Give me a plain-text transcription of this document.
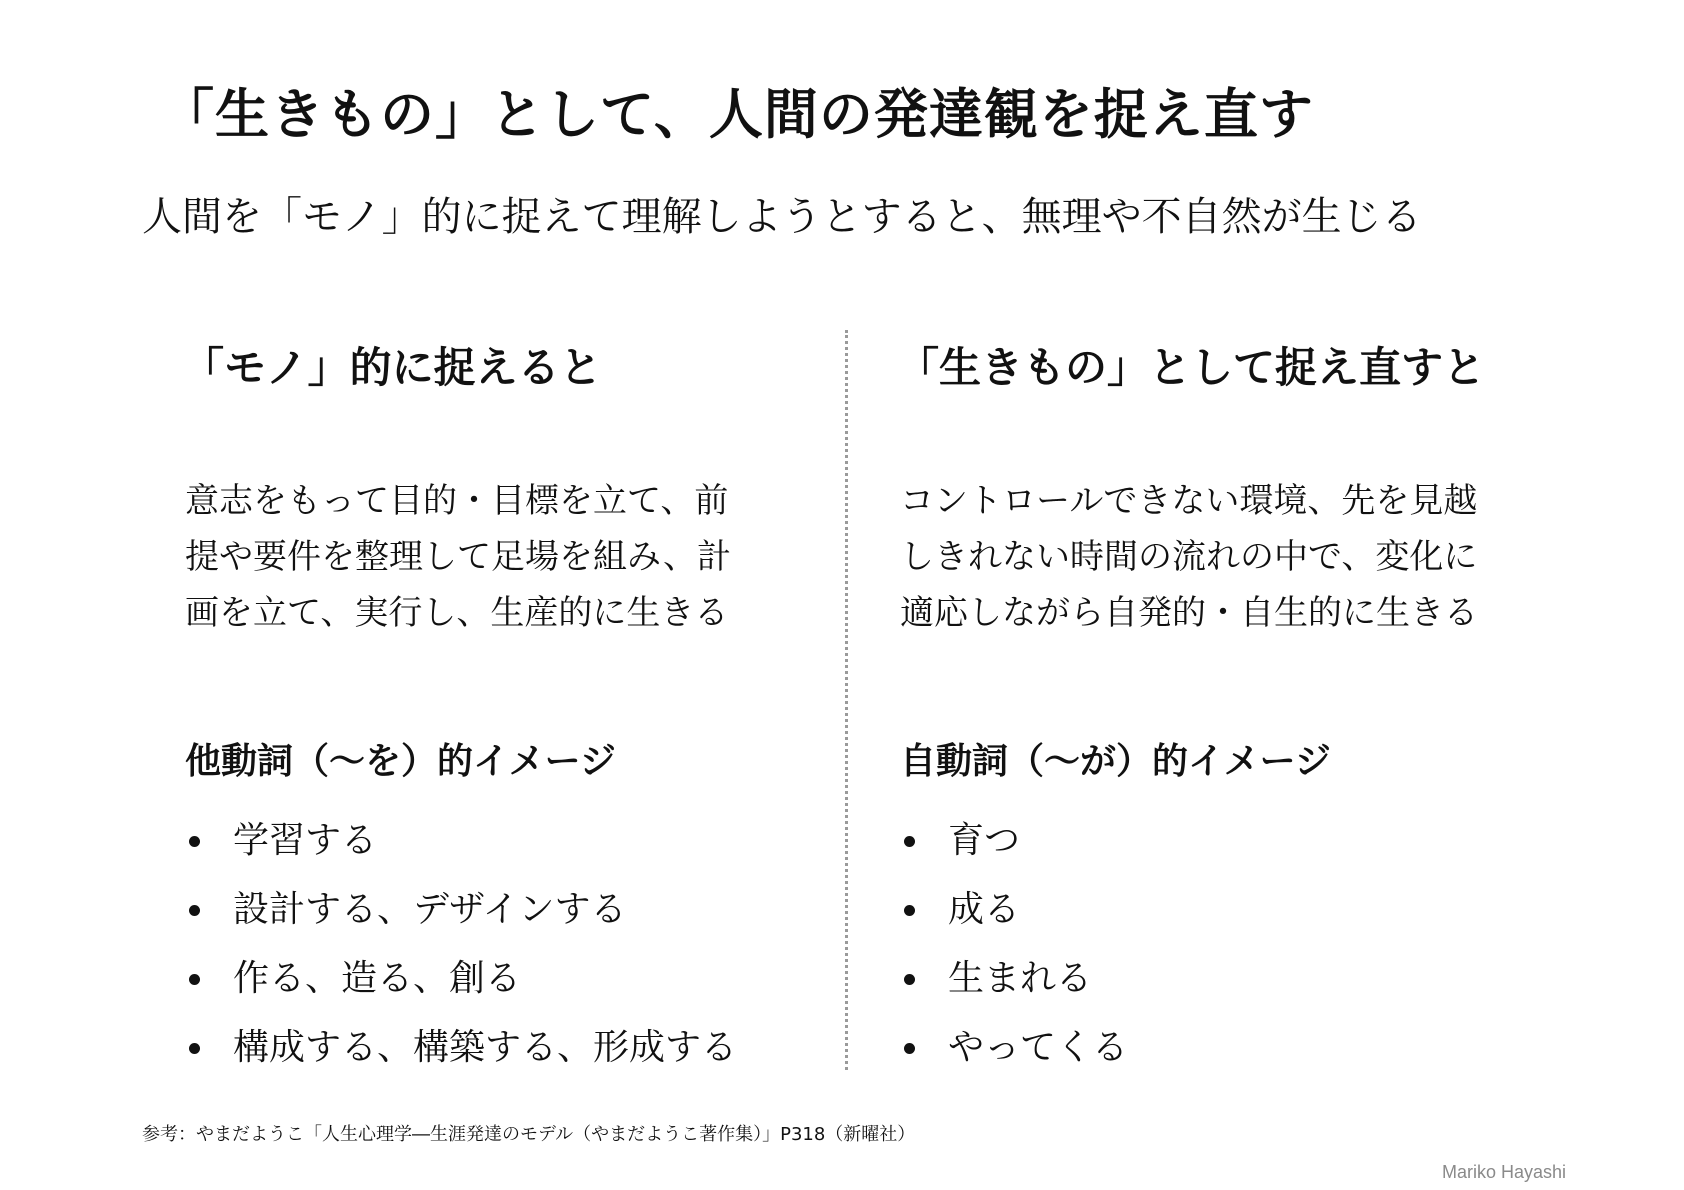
「生きもの」として、人間の発達観を捉え直す
人間を「モノ」的に捉えて理解しようとすると、無理や不自然が生じる
「モノ」的に捉えると
意志をもって目的・目標を立て、前
提や要件を整理して足場を組み、計
画を立て、実行し、生産的に生きる
他動詞（〜を）的イメージ
学習する
設計する、デザインする
作る、造る、創る
構成する、構築する、形成する
「生きもの」として捉え直すと
コントロールできない環境、先を見越
しきれない時間の流れの中で、変化に
適応しながら自発的・自生的に生きる
自動詞（〜が）的イメージ
育つ
成る
生まれる
やってくる
参考：やまだようこ「人生心理学―生涯発達のモデル（やまだようこ著作集）」P318（新曜社）
Mariko Hayashi
